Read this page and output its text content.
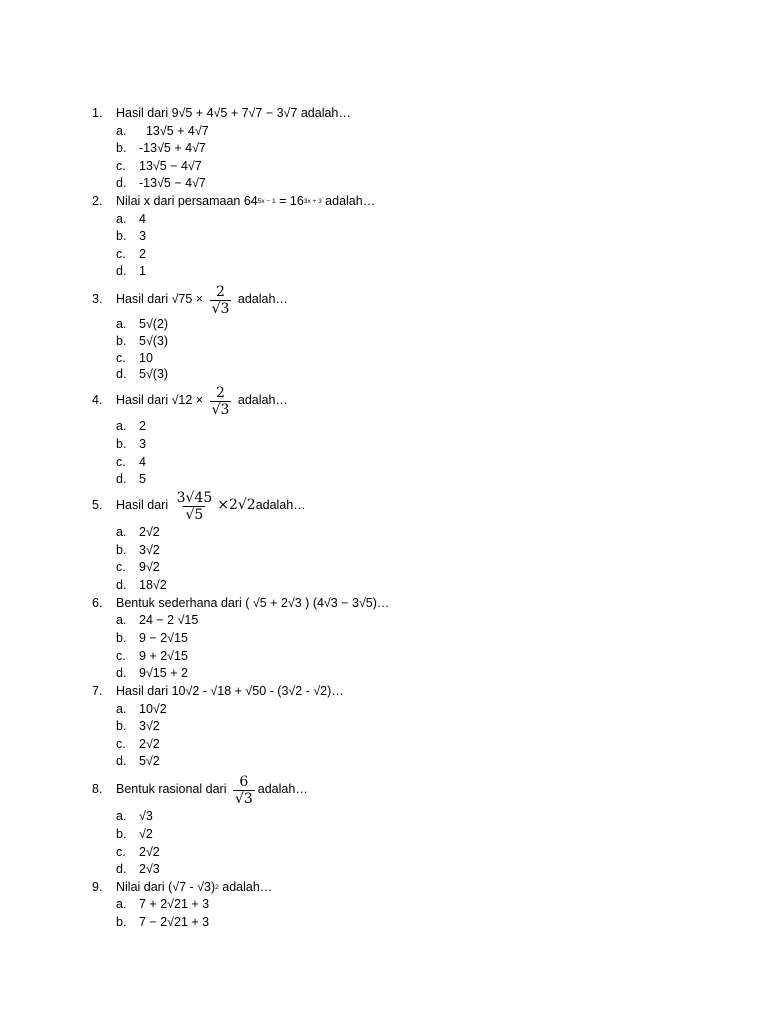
1. Hasil dari 9√5 + 4√5 + 7√7 − 3√7 adalah…
a. 13√5 + 4√7
b. -13√5 + 4√7
c. 13√5 − 4√7
d. -13√5 − 4√7
2. Nilai x dari persamaan 64 5x − 1 = 16 3x + 3 adalah…
a. 4
b. 3
c. 2
d. 1
3. Hasil dari $√75 \times \frac{2}{√3}$ adalah…
a. 5√(2)
b. 5√(3)
c. 10
d. 5√(3)
4. Hasil dari $√12 \times \frac{2}{√3}$ adalah…
a. 2
b. 3
c. 4
d. 5
5. Hasil dari $\frac{3√45}{√5} \times 2√2$ adalah…
a. 2√2
b. 3√2
c. 9√2
d. 18√2
6. Bentuk sederhana dari ( √5 + 2√3 ) (4√3 − 3√5)…
a. 24 − 2 √15
b. 9 − 2√15
c. 9 + 2√15
d. 9√15 + 2
7. Hasil dari 10√2 - √18 + √50 - (3√2 - √2)…
a. 10√2
b. 3√2
c. 2√2
d. 5√2
8. Bentuk rasional dari $\frac{6}{√3}$ adalah…
a. √3
b. √2
c. 2√2
d. 2√3
9. Nilai dari (√7 - √3) 2 adalah…
a. 7 + 2√21 + 3
b. 7 − 2√21 + 3
